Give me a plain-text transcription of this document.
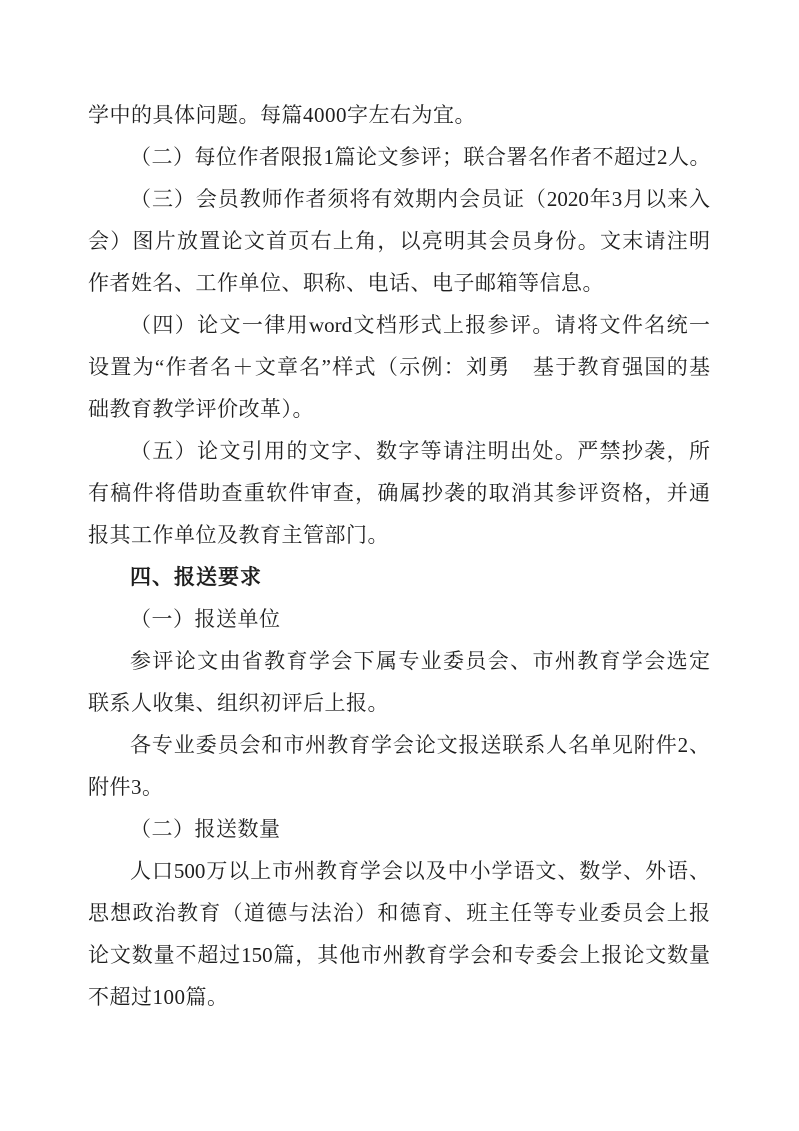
学中的具体问题。每篇4000字左右为宜。
（二）每位作者限报1篇论文参评；联合署名作者不超过2人。
（三）会员教师作者须将有效期内会员证（2020年3月以来入
会）图片放置论文首页右上角，以亮明其会员身份。文末请注明
作者姓名、工作单位、职称、电话、电子邮箱等信息。
（四）论文一律用word文档形式上报参评。请将文件名统一
设置为“作者名＋文章名”样式（示例：刘勇　基于教育强国的基
础教育教学评价改革）。
（五）论文引用的文字、数字等请注明出处。严禁抄袭，所
有稿件将借助查重软件审查，确属抄袭的取消其参评资格，并通
报其工作单位及教育主管部门。
四、报送要求
（一）报送单位
参评论文由省教育学会下属专业委员会、市州教育学会选定
联系人收集、组织初评后上报。
各专业委员会和市州教育学会论文报送联系人名单见附件2、
附件3。
（二）报送数量
人口500万以上市州教育学会以及中小学语文、数学、外语、
思想政治教育（道德与法治）和德育、班主任等专业委员会上报
论文数量不超过150篇，其他市州教育学会和专委会上报论文数量
不超过100篇。
